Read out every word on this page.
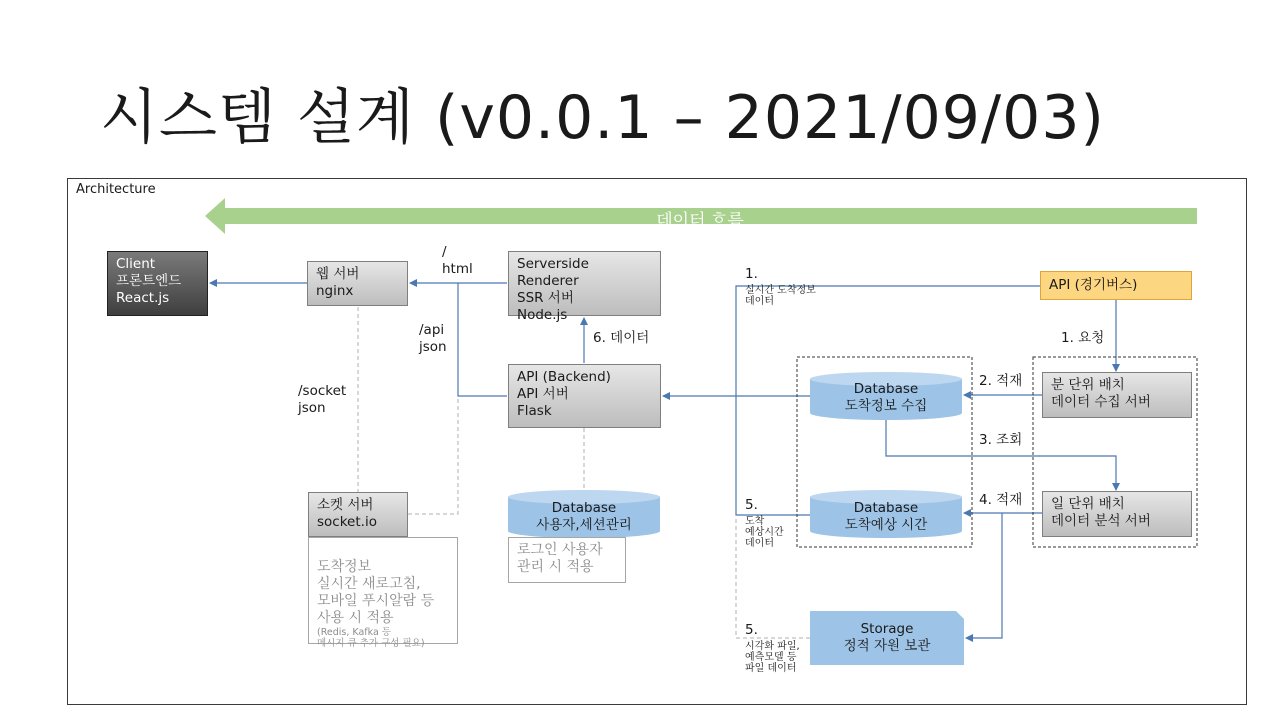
시스템 설계 (v0.0.1 – 2021/09/03)
Architecture
데이터 흐름
Client
프론트엔드
React.js
웹 서버
nginx
Serverside Renderer
SSR 서버
Node.js
API (Backend)
API 서버
Flask
소켓 서버
socket.io
API (경기버스)
분 단위 배치
데이터 수집 서버
일 단위 배치
데이터 분석 서버
Database
사용자,세션관리
Database
도착정보 수집
Database
도착예상 시간
Storage
정적 자원 보관

도착정보
실시간 새로고침,
모바일 푸시알람 등
사용 시 적용

(Redis, Kafka 등
메시지 큐 추가 구성 필요)

로그인 사용자
관리 시 적용
/
html
/api
json
/socket
json
6. 데이터	1. 요청
2. 적재
3. 조회
4. 적재
1.
실시간 도착정보
데이터
5.
도착
예상시간
데이터
5.
시각화 파일,
예측모델 등
파일 데이터
